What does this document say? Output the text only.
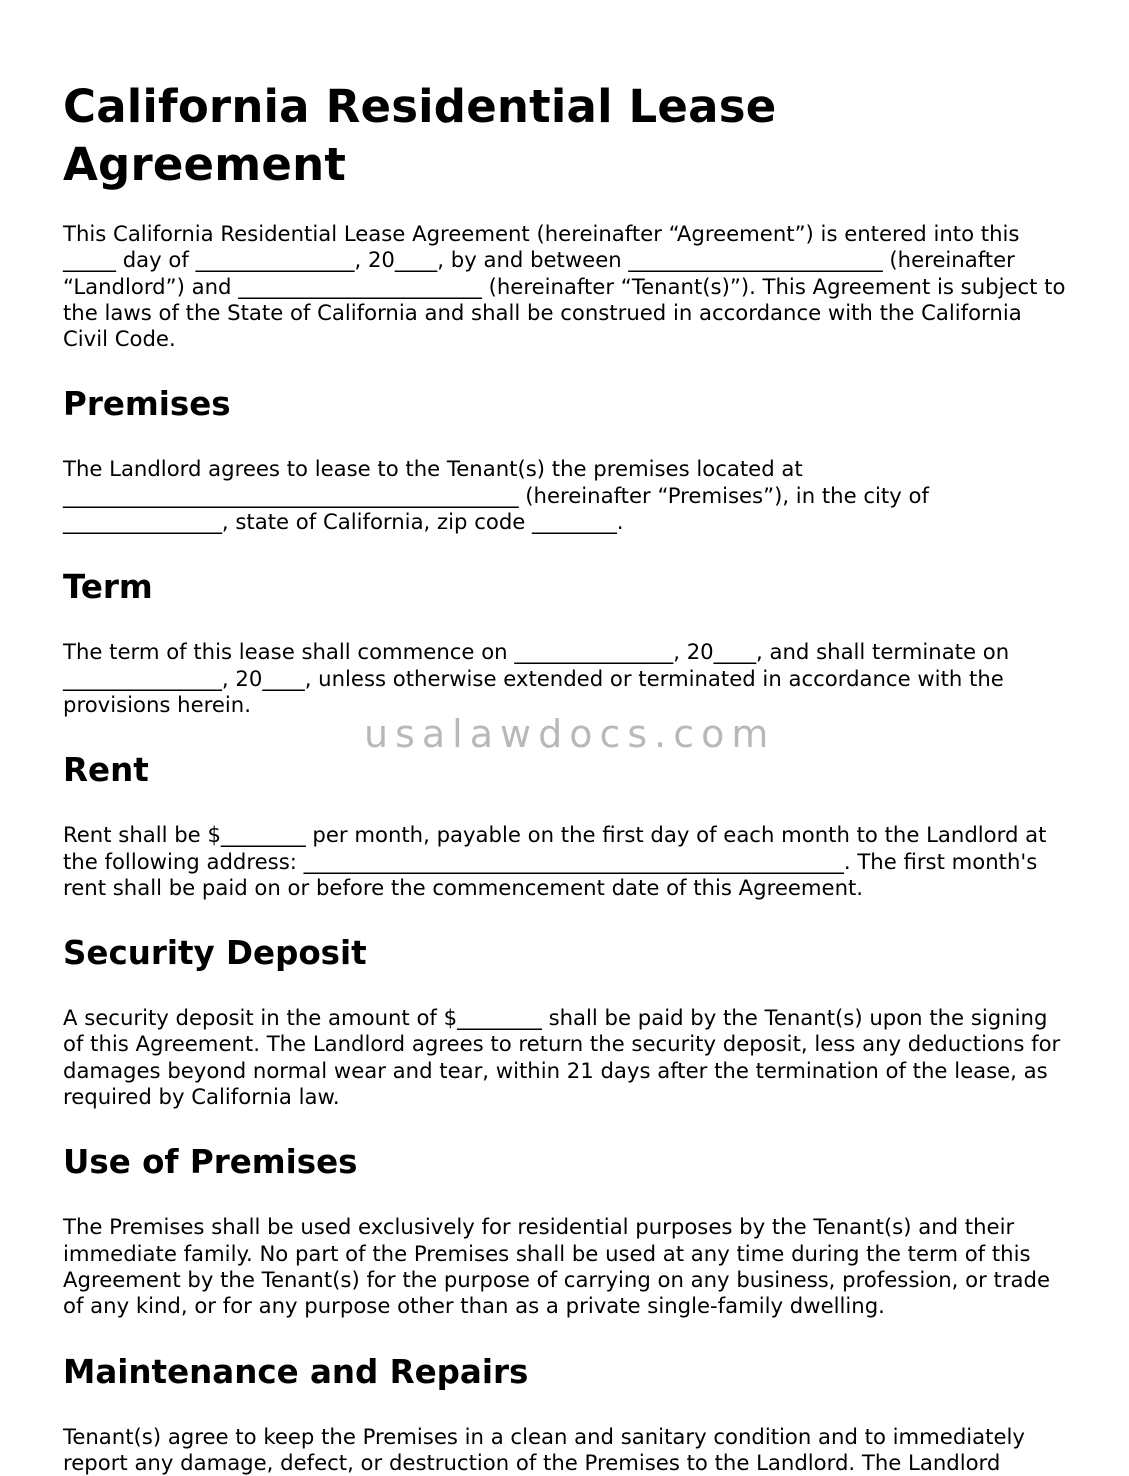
California Residential Lease Agreement

This California Residential Lease Agreement (hereinafter “Agreement”) is entered into this _____ day of _______________, 20____, by and between ________________________ (hereinafter “Landlord”) and _______________________ (hereinafter “Tenant(s)”). This Agreement is subject to the laws of the State of California and shall be construed in accordance with the California Civil Code.

Premises

The Landlord agrees to lease to the Tenant(s) the premises located at ___________________________________________ (hereinafter “Premises”), in the city of _______________, state of California, zip code ________.

Term

The term of this lease shall commence on _______________, 20____, and shall terminate on _______________, 20____, unless otherwise extended or terminated in accordance with the provisions herein.

Rent

Rent shall be $________ per month, payable on the first day of each month to the Landlord at the following address: ___________________________________________________. The first month's rent shall be paid on or before the commencement date of this Agreement.

Security Deposit

A security deposit in the amount of $________ shall be paid by the Tenant(s) upon the signing of this Agreement. The Landlord agrees to return the security deposit, less any deductions for damages beyond normal wear and tear, within 21 days after the termination of the lease, as required by California law.

Use of Premises

The Premises shall be used exclusively for residential purposes by the Tenant(s) and their immediate family. No part of the Premises shall be used at any time during the term of this Agreement by the Tenant(s) for the purpose of carrying on any business, profession, or trade of any kind, or for any purpose other than as a private single-family dwelling.

Maintenance and Repairs

Tenant(s) agree to keep the Premises in a clean and sanitary condition and to immediately report any damage, defect, or destruction of the Premises to the Landlord. The Landlord

usalawdocs.com
